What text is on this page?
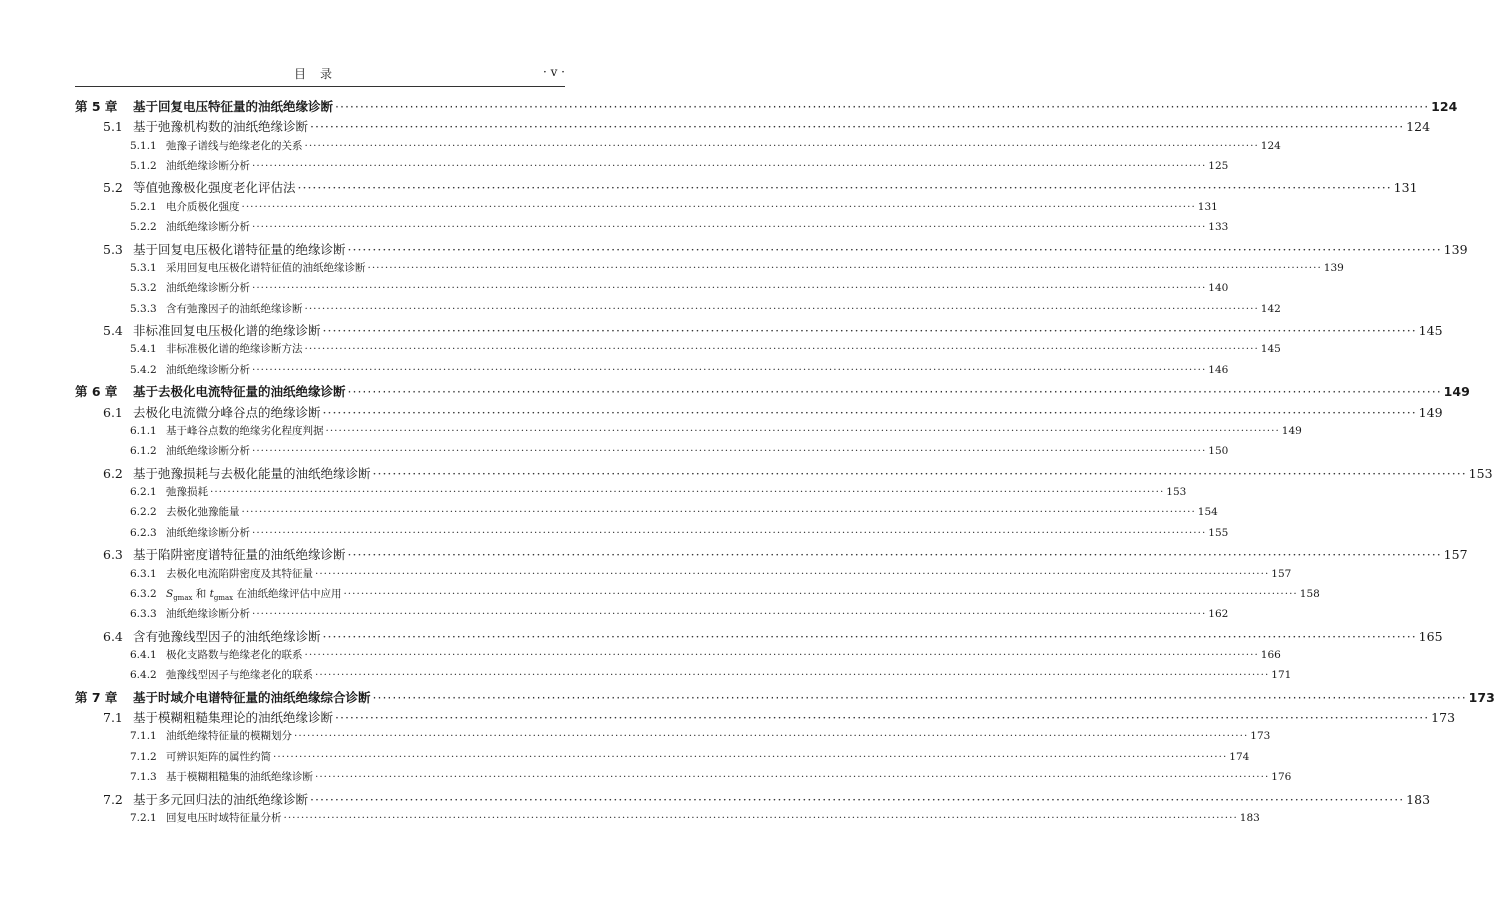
目录	· v ·
第 5 章	基于回复电压特征量的油纸绝缘诊断 ···························································································································································································································· 124
5.1 基于弛豫机构数的油纸绝缘诊断 ···························································································································································································································· 124
5.1.1 弛豫子谱线与绝缘老化的关系 ···························································································································································································································· 124
5.1.2 油纸绝缘诊断分析 ···························································································································································································································· 125
5.2 等值弛豫极化强度老化评估法 ···························································································································································································································· 131
5.2.1 电介质极化强度 ···························································································································································································································· 131
5.2.2 油纸绝缘诊断分析 ···························································································································································································································· 133
5.3 基于回复电压极化谱特征量的绝缘诊断 ···························································································································································································································· 139
5.3.1 采用回复电压极化谱特征值的油纸绝缘诊断 ···························································································································································································································· 139
5.3.2 油纸绝缘诊断分析 ···························································································································································································································· 140
5.3.3 含有弛豫因子的油纸绝缘诊断 ···························································································································································································································· 142
5.4 非标准回复电压极化谱的绝缘诊断 ···························································································································································································································· 145
5.4.1 非标准极化谱的绝缘诊断方法 ···························································································································································································································· 145
5.4.2 油纸绝缘诊断分析 ···························································································································································································································· 146
第 6 章	基于去极化电流特征量的油纸绝缘诊断 ···························································································································································································································· 149
6.1 去极化电流微分峰谷点的绝缘诊断 ···························································································································································································································· 149
6.1.1 基于峰谷点数的绝缘劣化程度判据 ···························································································································································································································· 149
6.1.2 油纸绝缘诊断分析 ···························································································································································································································· 150
6.2 基于弛豫损耗与去极化能量的油纸绝缘诊断 ···························································································································································································································· 153
6.2.1 弛豫损耗 ···························································································································································································································· 153
6.2.2 去极化弛豫能量 ···························································································································································································································· 154
6.2.3 油纸绝缘诊断分析 ···························································································································································································································· 155
6.3 基于陷阱密度谱特征量的油纸绝缘诊断 ···························································································································································································································· 157
6.3.1 去极化电流陷阱密度及其特征量 ···························································································································································································································· 157
6.3.2 $S_{gmax}$ 和 $t_{gmax}$ 在油纸绝缘评估中应用 ···························································································································································································································· 158
6.3.3 油纸绝缘诊断分析 ···························································································································································································································· 162
6.4 含有弛豫线型因子的油纸绝缘诊断 ···························································································································································································································· 165
6.4.1 极化支路数与绝缘老化的联系 ···························································································································································································································· 166
6.4.2 弛豫线型因子与绝缘老化的联系 ···························································································································································································································· 171
第 7 章	基于时域介电谱特征量的油纸绝缘综合诊断 ···························································································································································································································· 173
7.1 基于模糊粗糙集理论的油纸绝缘诊断 ···························································································································································································································· 173
7.1.1 油纸绝缘特征量的模糊划分 ···························································································································································································································· 173
7.1.2 可辨识矩阵的属性约简 ···························································································································································································································· 174
7.1.3 基于模糊粗糙集的油纸绝缘诊断 ···························································································································································································································· 176
7.2 基于多元回归法的油纸绝缘诊断 ···························································································································································································································· 183
7.2.1 回复电压时域特征量分析 ···························································································································································································································· 183
